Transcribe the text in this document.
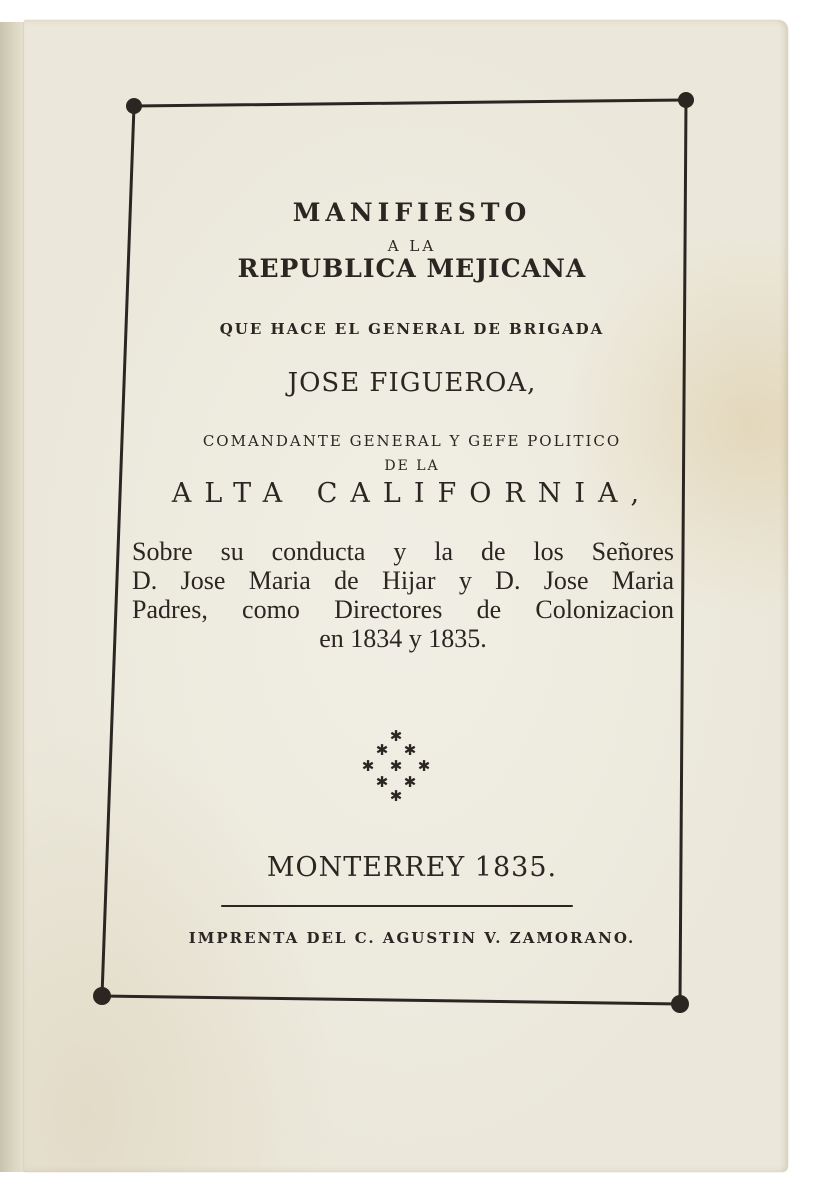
MANIFIESTO

A LA

REPUBLICA MEJICANA

QUE HACE EL GENERAL DE BRIGADA

JOSE FIGUEROA,

COMANDANTE GENERAL Y GEFE POLITICO

DE LA

ALTA CALIFORNIA,

Sobre su conducta y la de los Señores
D. Jose Maria de Hijar y D. Jose Maria
Padres, como Directores de Colonizacion
en 1834 y 1835.
✱
✱ ✱
✱ ✱ ✱
✱ ✱
✱

MONTERREY 1835.

IMPRENTA DEL C. AGUSTIN V. ZAMORANO.
